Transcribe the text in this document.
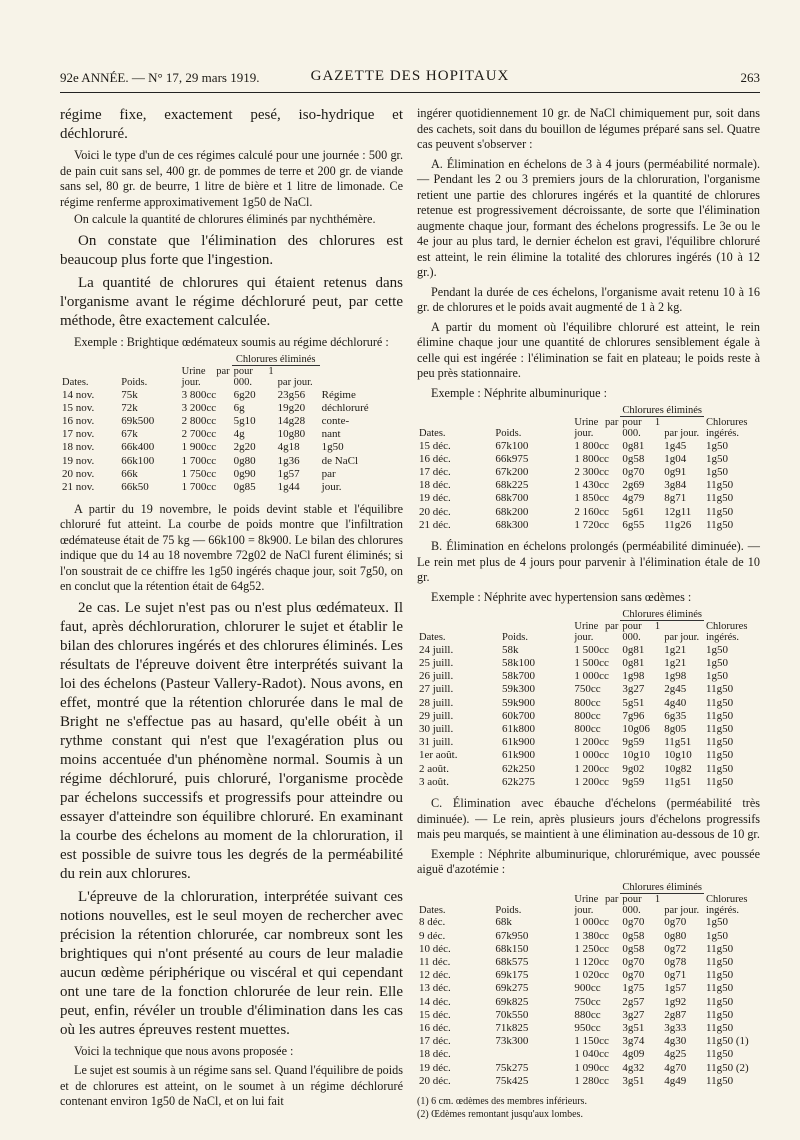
92e ANNÉE. — N° 17, 29 mars 1919.	GAZETTE DES HOPITAUX	263

régime fixe, exactement pesé, iso-hydrique et déchloruré.

Voici le type d'un de ces régimes calculé pour une journée : 500 gr. de pain cuit sans sel, 400 gr. de pommes de terre et 200 gr. de viande sans sel, 80 gr. de beurre, 1 litre de bière et 1 litre de limonade. Ce régime renferme approximativement 1g50 de NaCl.

On calcule la quantité de chlorures éliminés par nychthémère.

On constate que l'élimination des chlorures est beaucoup plus forte que l'ingestion.

La quantité de chlorures qui étaient retenus dans l'organisme avant le régime déchloruré peut, par cette méthode, être exactement calculée.

Exemple : Brightique œdémateux soumis au régime déchloruré :

Dates.	Poids.	Urine par jour.	Chlorures éliminés		
			pour 1 000.	par jour.	
14 nov.	75k	3 800cc	6g20	23g56	Régime
15 nov.	72k	3 200cc	6g	19g20	déchloruré
16 nov.	69k500	2 800cc	5g10	14g28	conte-
17 nov.	67k	2 700cc	4g	10g80	nant
18 nov.	66k400	1 900cc	2g20	4g18	1g50
19 nov.	66k100	1 700cc	0g80	1g36	de NaCl
20 nov.	66k	1 750cc	0g90	1g57	par
21 nov.	66k50	1 700cc	0g85	1g44	jour.

A partir du 19 novembre, le poids devint stable et l'équilibre chloruré fut atteint. La courbe de poids montre que l'infiltration œdémateuse était de 75 kg — 66k100 = 8k900. Le bilan des chlorures indique que du 14 au 18 novembre 72g02 de NaCl furent éliminés; si l'on soustrait de ce chiffre les 1g50 ingérés chaque jour, soit 7g50, on en conclut que la rétention était de 64g52.

2e cas. Le sujet n'est pas ou n'est plus œdémateux. Il faut, après déchloruration, chlorurer le sujet et établir le bilan des chlorures ingérés et des chlorures éliminés. Les résultats de l'épreuve doivent être interprétés suivant la loi des échelons (Pasteur Vallery-Radot). Nous avons, en effet, montré que la rétention chlorurée dans le mal de Bright ne s'effectue pas au hasard, qu'elle obéit à un rythme constant qui n'est que l'exagération plus ou moins accentuée d'un phénomène normal. Soumis à un régime déchloruré, puis chloruré, l'organisme procède par échelons successifs et progressifs pour atteindre ou essayer d'atteindre son équilibre chloruré. En examinant la courbe des échelons au moment de la chloruration, il est possible de suivre tous les degrés de la perméabilité du rein aux chlorures.

L'épreuve de la chloruration, interprétée suivant ces notions nouvelles, est le seul moyen de rechercher avec précision la rétention chlorurée, car nombreux sont les brightiques qui n'ont présenté au cours de leur maladie aucun œdème périphérique ou viscéral et qui cependant ont une tare de la fonction chlorurée de leur rein. Elle peut, enfin, révéler un trouble d'élimination dans les cas où les autres épreuves restent muettes.

Voici la technique que nous avons proposée :

Le sujet est soumis à un régime sans sel. Quand l'équilibre de poids et de chlorures est atteint, on le soumet à un régime déchloruré contenant environ 1g50 de NaCl, et on lui fait

ingérer quotidiennement 10 gr. de NaCl chimiquement pur, soit dans des cachets, soit dans du bouillon de légumes préparé sans sel. Quatre cas peuvent s'observer :

A. Élimination en échelons de 3 à 4 jours (perméabilité normale). — Pendant les 2 ou 3 premiers jours de la chloruration, l'organisme retient une partie des chlorures ingérés et la quantité de chlorures retenue est progressivement décroissante, de sorte que l'élimination augmente chaque jour, formant des échelons progressifs. Le 3e ou le 4e jour au plus tard, le dernier échelon est gravi, l'équilibre chloruré est atteint, le rein élimine la totalité des chlorures ingérés (10 à 12 gr.).

Pendant la durée de ces échelons, l'organisme avait retenu 10 à 16 gr. de chlorures et le poids avait augmenté de 1 à 2 kg.

A partir du moment où l'équilibre chloruré est atteint, le rein élimine chaque jour une quantité de chlorures sensiblement égale à celle qui est ingérée : l'élimination se fait en plateau; le poids reste à peu près stationnaire.

Exemple : Néphrite albuminurique :

Dates.	Poids.	Urine par jour.	Chlorures éliminés		Chlorures ingérés.
			pour 1 000.	par jour.	
15 déc.	67k100	1 800cc	0g81	1g45	1g50
16 déc.	66k975	1 800cc	0g58	1g04	1g50
17 déc.	67k200	2 300cc	0g70	0g91	1g50
18 déc.	68k225	1 430cc	2g69	3g84	11g50
19 déc.	68k700	1 850cc	4g79	8g71	11g50
20 déc.	68k200	2 160cc	5g61	12g11	11g50
21 déc.	68k300	1 720cc	6g55	11g26	11g50

B. Élimination en échelons prolongés (perméabilité diminuée). — Le rein met plus de 4 jours pour parvenir à l'élimination étale de 10 gr.

Exemple : Néphrite avec hypertension sans œdèmes :

Dates.	Poids.	Urine par jour.	Chlorures éliminés		Chlorures ingérés.
			pour 1 000.	par jour.	
24 juill.	58k	1 500cc	0g81	1g21	1g50
25 juill.	58k100	1 500cc	0g81	1g21	1g50
26 juill.	58k700	1 000cc	1g98	1g98	1g50
27 juill.	59k300	750cc	3g27	2g45	11g50
28 juill.	59k900	800cc	5g51	4g40	11g50
29 juill.	60k700	800cc	7g96	6g35	11g50
30 juill.	61k800	800cc	10g06	8g05	11g50
31 juill.	61k900	1 200cc	9g59	11g51	11g50
1er août.	61k900	1 000cc	10g10	10g10	11g50
2 août.	62k250	1 200cc	9g02	10g82	11g50
3 août.	62k275	1 200cc	9g59	11g51	11g50

C. Élimination avec ébauche d'échelons (perméabilité très diminuée). — Le rein, après plusieurs jours d'échelons progressifs mais peu marqués, se maintient à une élimination au-dessous de 10 gr.

Exemple : Néphrite albuminurique, chlorurémique, avec poussée aiguë d'azotémie :

Dates.	Poids.	Urine par jour.	Chlorures éliminés		Chlorures ingérés.
			pour 1 000.	par jour.	
8 déc.	68k	1 000cc	0g70	0g70	1g50
9 déc.	67k950	1 380cc	0g58	0g80	1g50
10 déc.	68k150	1 250cc	0g58	0g72	11g50
11 déc.	68k575	1 120cc	0g70	0g78	11g50
12 déc.	69k175	1 020cc	0g70	0g71	11g50
13 déc.	69k275	900cc	1g75	1g57	11g50
14 déc.	69k825	750cc	2g57	1g92	11g50
15 déc.	70k550	880cc	3g27	2g87	11g50
16 déc.	71k825	950cc	3g51	3g33	11g50
17 déc.	73k300	1 150cc	3g74	4g30	11g50 (1)
18 déc.		1 040cc	4g09	4g25	11g50
19 déc.	75k275	1 090cc	4g32	4g70	11g50 (2)
20 déc.	75k425	1 280cc	3g51	4g49	11g50
(1) 6 cm. œdèmes des membres inférieurs.
(2) Œdèmes remontant jusqu'aux lombes.
